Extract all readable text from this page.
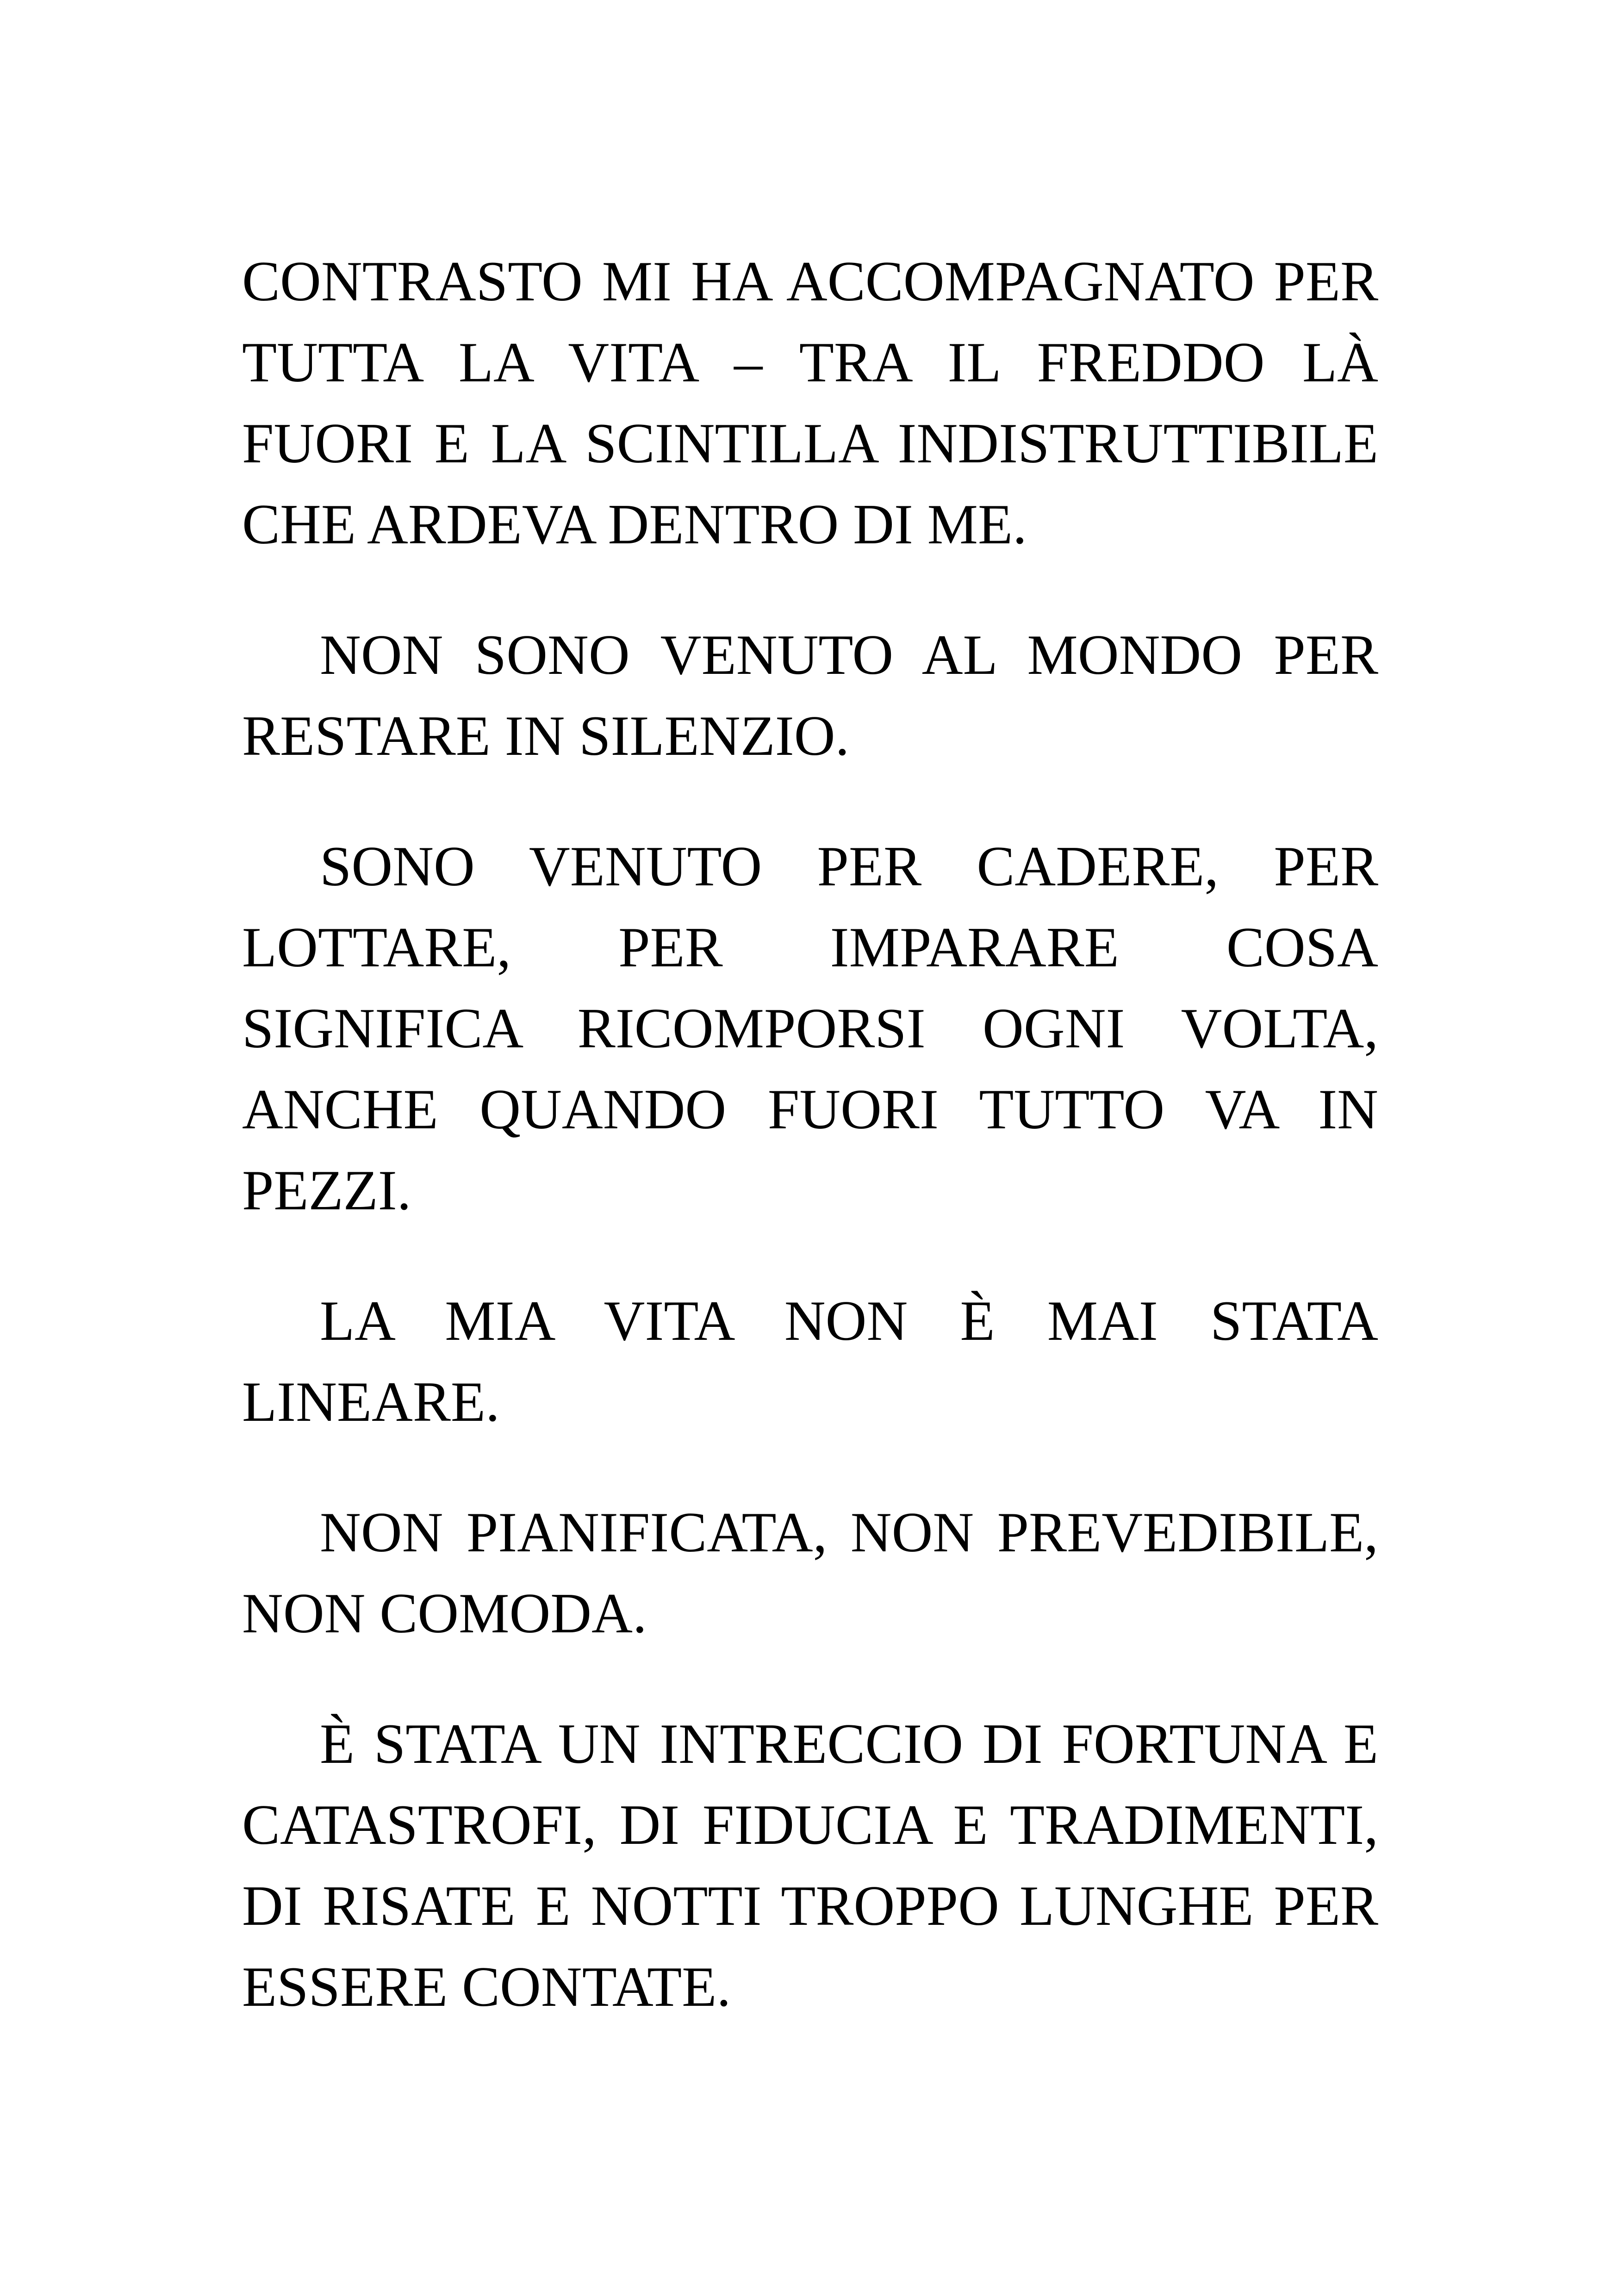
CONTRASTO MI HA ACCOMPAGNATO PER TUTTA LA VITA – TRA IL FREDDO LÀ FUORI E LA SCINTILLA INDISTRUTTIBILE CHE ARDEVA DENTRO DI ME.

NON SONO VENUTO AL MONDO PER RESTARE IN SILENZIO.

SONO VENUTO PER CADERE, PER LOTTARE, PER IMPARARE COSA SIGNIFICA RICOMPORSI OGNI VOLTA, ANCHE QUANDO FUORI TUTTO VA IN PEZZI.

LA MIA VITA NON È MAI STATA LINEARE.

NON PIANIFICATA, NON PREVEDIBILE, NON COMODA.

È STATA UN INTRECCIO DI FORTUNA E CATASTROFI, DI FIDUCIA E TRADIMENTI, DI RISATE E NOTTI TROPPO LUNGHE PER ESSERE CONTATE.
